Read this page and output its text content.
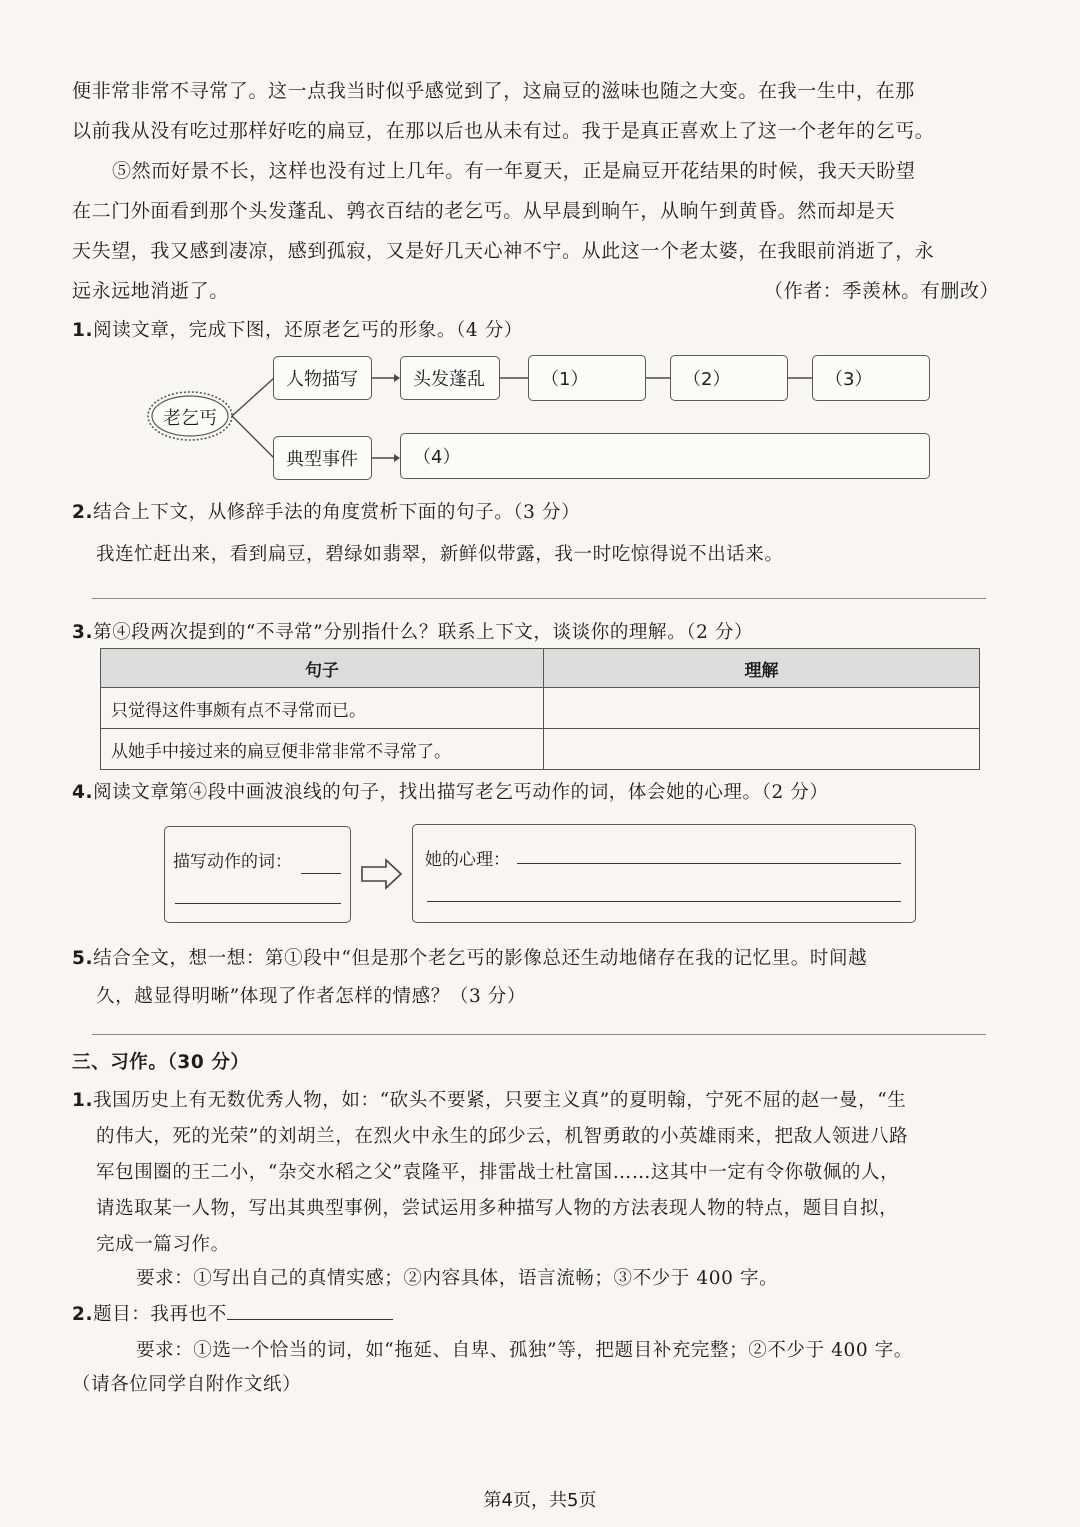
便非常非常不寻常了。这一点我当时似乎感觉到了，这扁豆的滋味也随之大变。在我一生中，在那
以前我从没有吃过那样好吃的扁豆，在那以后也从未有过。我于是真正喜欢上了这一个老年的乞丐。
⑤然而好景不长，这样也没有过上几年。有一年夏天，正是扁豆开花结果的时候，我天天盼望
在二门外面看到那个头发蓬乱、鹑衣百结的老乞丐。从早晨到晌午，从晌午到黄昏。然而却是天
天失望，我又感到凄凉，感到孤寂，又是好几天心神不宁。从此这一个老太婆，在我眼前消逝了，永
远永远地消逝了。	（作者：季羡林。有删改）
1.阅读文章，完成下图，还原老乞丐的形象。（4 分）
老乞丐
人物描写
典型事件
头发蓬乱	（1）	（2）	（3）
（4）
2.结合上下文，从修辞手法的角度赏析下面的句子。（3 分）
我连忙赶出来，看到扁豆，碧绿如翡翠，新鲜似带露，我一时吃惊得说不出话来。
3.第④段两次提到的“不寻常”分别指什么？联系上下文，谈谈你的理解。（2 分）
句子	理解
只觉得这件事颇有点不寻常而已。	
从她手中接过来的扁豆便非常非常不寻常了。	
4.阅读文章第④段中画波浪线的句子，找出描写老乞丐动作的词，体会她的心理。（2 分）
描写动作的词：	她的心理：
5.结合全文，想一想：第①段中“但是那个老乞丐的影像总还生动地储存在我的记忆里。时间越
久，越显得明晰”体现了作者怎样的情感？（3 分）
三、习作。（30 分）
1.我国历史上有无数优秀人物，如：“砍头不要紧，只要主义真”的夏明翰，宁死不屈的赵一曼，“生
的伟大，死的光荣”的刘胡兰，在烈火中永生的邱少云，机智勇敢的小英雄雨来，把敌人领进八路
军包围圈的王二小，“杂交水稻之父”袁隆平，排雷战士杜富国……这其中一定有令你敬佩的人，
请选取某一人物，写出其典型事例，尝试运用多种描写人物的方法表现人物的特点，题目自拟，
完成一篇习作。
要求：①写出自己的真情实感；②内容具体，语言流畅；③不少于 400 字。
2.题目：我再也不
要求：①选一个恰当的词，如“拖延、自卑、孤独”等，把题目补充完整；②不少于 400 字。
（请各位同学自附作文纸）
第4页，共5页
